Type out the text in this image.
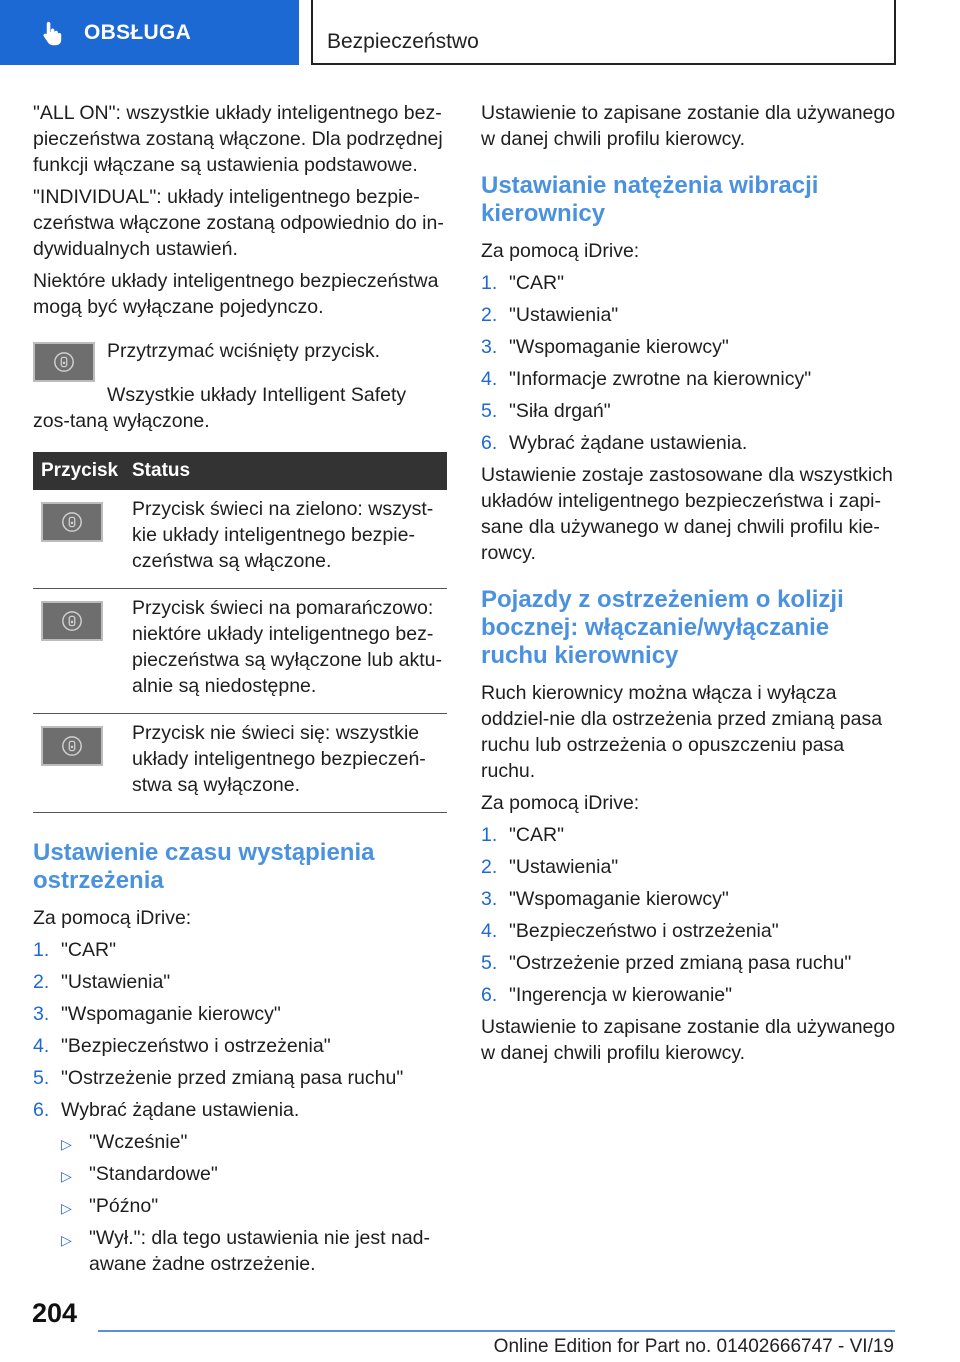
OBSŁUGA	Bezpieczeństwo

"ALL ON": wszystkie układy inteligentnego bez-pieczeństwa zostaną włączone. Dla podrzędnej funkcji włączane są ustawienia podstawowe.

"INDIVIDUAL": układy inteligentnego bezpie-czeństwa włączone zostaną odpowiednio do in-dywidualnych ustawień.

Niektóre układy inteligentnego bezpieczeństwa mogą być wyłączane pojedynczo.

Przytrzymać wciśnięty przycisk.

Wszystkie układy Intelligent Safety zos-taną wyłączone.

Przycisk	Status

	Przycisk świeci na zielono: wszyst-kie układy inteligentnego bezpie-czeństwa są włączone.

	Przycisk świeci na pomarańczowo: niektóre układy inteligentnego bez-pieczeństwa są wyłączone lub aktu-alnie są niedostępne.

	Przycisk nie świeci się: wszystkie układy inteligentnego bezpieczeń-stwa są wyłączone.
Ustawienie czasu wystąpienia ostrzeżenia

Za pomocą iDrive:

1. "CAR"
2. "Ustawienia"
3. "Wspomaganie kierowcy"
4. "Bezpieczeństwo i ostrzeżenia"
5. "Ostrzeżenie przed zmianą pasa ruchu"
6. Wybrać żądane ustawienia.
▷ "Wcześnie"
▷ "Standardowe"
▷ "Późno"
▷ "Wył.": dla tego ustawienia nie jest nad-awane żadne ostrzeżenie.

Ustawienie to zapisane zostanie dla używanego w danej chwili profilu kierowcy.

Ustawianie natężenia wibracji kierownicy

Za pomocą iDrive:

1. "CAR"
2. "Ustawienia"
3. "Wspomaganie kierowcy"
4. "Informacje zwrotne na kierownicy"
5. "Siła drgań"
6. Wybrać żądane ustawienia.

Ustawienie zostaje zastosowane dla wszystkich układów inteligentnego bezpieczeństwa i zapi-sane dla używanego w danej chwili profilu kie-rowcy.

Pojazdy z ostrzeżeniem o kolizji bocznej: włączanie/wyłączanie ruchu kierownicy

Ruch kierownicy można włącza i wyłącza oddziel-nie dla ostrzeżenia przed zmianą pasa ruchu lub ostrzeżenia o opuszczeniu pasa ruchu.

Za pomocą iDrive:

1. "CAR"
2. "Ustawienia"
3. "Wspomaganie kierowcy"
4. "Bezpieczeństwo i ostrzeżenia"
5. "Ostrzeżenie przed zmianą pasa ruchu"
6. "Ingerencja w kierowanie"

Ustawienie to zapisane zostanie dla używanego w danej chwili profilu kierowcy.

204
Online Edition for Part no. 01402666747 - VI/19
